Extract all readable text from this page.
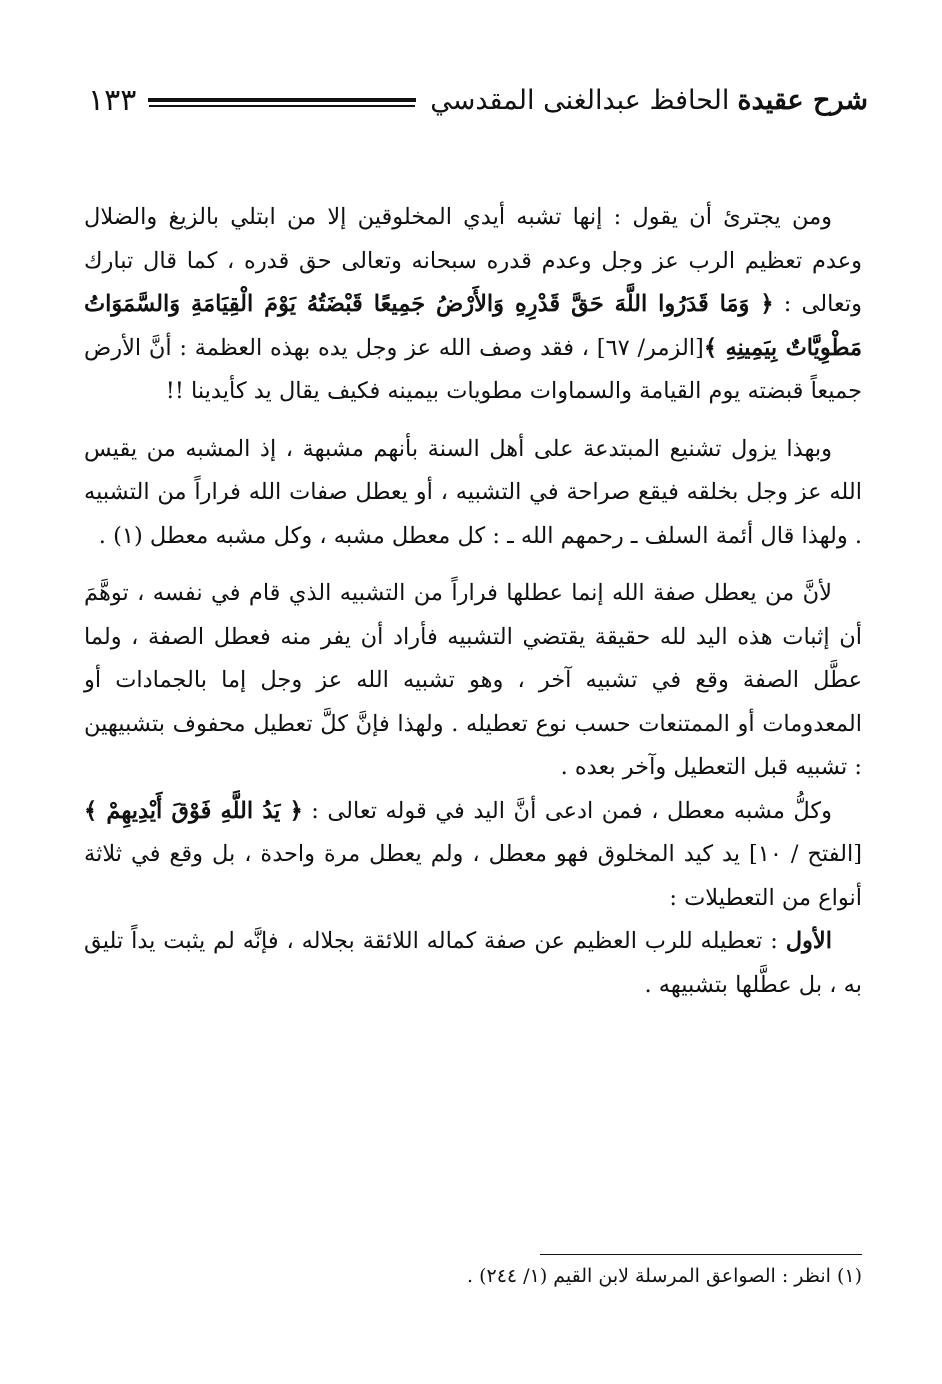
شرح عقيدةالحافظ عبدالغنى المقدسي
١٣٣

ومن يجترئ أن يقول : إنها تشبه أيدي المخلوقين إلا من ابتلي بالزيغ والضلال وعدم تعظيم الرب عز وجل وعدم قدره سبحانه وتعالى حق قدره ، كما قال تبارك وتعالى : ﴿ وَمَا قَدَرُوا اللَّهَ حَقَّ قَدْرِهِ وَالأَرْضُ جَمِيعًا قَبْضَتُهُ يَوْمَ الْقِيَامَةِ وَالسَّمَوَاتُ مَطْوِيَّاتٌ بِيَمِينِهِ ﴾[الزمر/ ٦٧] ، فقد وصف الله عز وجل يده بهذه العظمة : أنَّ الأرض جميعاً قبضته يوم القيامة والسماوات مطويات بيمينه فكيف يقال يد كأيدينا !!

وبهذا يزول تشنيع المبتدعة على أهل السنة بأنهم مشبهة ، إذ المشبه من يقيس الله عز وجل بخلقه فيقع صراحة في التشبيه ، أو يعطل صفات الله فراراً من التشبيه . ولهذا قال أئمة السلف ـ رحمهم الله ـ : كل معطل مشبه ، وكل مشبه معطل (١) .

لأنَّ من يعطل صفة الله إنما عطلها فراراً من التشبيه الذي قام في نفسه ، توهَّمَ أن إثبات هذه اليد لله حقيقة يقتضي التشبيه فأراد أن يفر منه فعطل الصفة ، ولما عطَّل الصفة وقع في تشبيه آخر ، وهو تشبيه الله عز وجل إما بالجمادات أو المعدومات أو الممتنعات حسب نوع تعطيله . ولهذا فإنَّ كلَّ تعطيل محفوف بتشبيهين : تشبيه قبل التعطيل وآخر بعده .

وكلُّ مشبه معطل ، فمن ادعى أنَّ اليد في قوله تعالى : ﴿ يَدُ اللَّهِ فَوْقَ أَيْدِيهِمْ ﴾ [الفتح / ١٠] يد كيد المخلوق فهو معطل ، ولم يعطل مرة واحدة ، بل وقع في ثلاثة أنواع من التعطيلات :

الأول : تعطيله للرب العظيم عن صفة كماله اللائقة بجلاله ، فإنَّه لم يثبت يداً تليق به ، بل عطَّلها بتشبيهه .

(١) انظر : الصواعق المرسلة لابن القيم (١/ ٢٤٤) .
